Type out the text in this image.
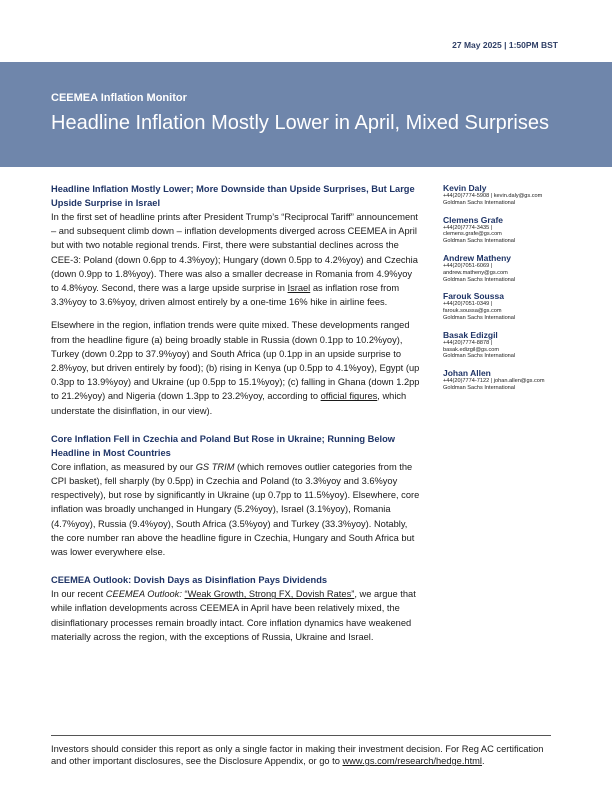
27 May 2025 | 1:50PM BST
CEEMEA Inflation Monitor
Headline Inflation Mostly Lower in April, Mixed Surprises
Headline Inflation Mostly Lower; More Downside than Upside Surprises, But Large Upside Surprise in Israel

In the first set of headline prints after President Trump’s “Reciprocal Tariff” announcement – and subsequent climb down – inflation developments diverged across CEEMEA in April but with two notable regional trends. First, there were substantial declines across the CEE-3: Poland (down 0.6pp to 4.3%yoy); Hungary (down 0.5pp to 4.2%yoy) and Czechia (down 0.9pp to 1.8%yoy). There was also a smaller decrease in Romania from 4.9%yoy to 4.8%yoy. Second, there was a large upside surprise in Israel as inflation rose from 3.3%yoy to 3.6%yoy, driven almost entirely by a one-time 16% hike in airline fees.

Elsewhere in the region, inflation trends were quite mixed. These developments ranged from the headline figure (a) being broadly stable in Russia (down 0.1pp to 10.2%yoy), Turkey (down 0.2pp to 37.9%yoy) and South Africa (up 0.1pp in an upside surprise to 2.8%yoy, but driven entirely by food); (b) rising in Kenya (up 0.5pp to 4.1%yoy), Egypt (up 0.3pp to 13.9%yoy) and Ukraine (up 0.5pp to 15.1%yoy); (c) falling in Ghana (down 1.2pp to 21.2%yoy) and Nigeria (down 1.3pp to 23.2%yoy, according to official figures, which understate the disinflation, in our view).

Core Inflation Fell in Czechia and Poland But Rose in Ukraine; Running Below Headline in Most Countries

Core inflation, as measured by our GS TRIM (which removes outlier categories from the CPI basket), fell sharply (by 0.5pp) in Czechia and Poland (to 3.3%yoy and 3.6%yoy respectively), but rose by significantly in Ukraine (up 0.7pp to 11.5%yoy). Elsewhere, core inflation was broadly unchanged in Hungary (5.2%yoy), Israel (3.1%yoy), Romania (4.7%yoy), Russia (9.4%yoy), South Africa (3.5%yoy) and Turkey (33.3%yoy). Notably, the core number ran above the headline figure in Czechia, Hungary and South Africa but was lower everywhere else.

CEEMEA Outlook: Dovish Days as Disinflation Pays Dividends

In our recent CEEMEA Outlook: “Weak Growth, Strong FX, Dovish Rates”, we argue that while inflation developments across CEEMEA in April have been relatively mixed, the disinflationary processes remain broadly intact. Core inflation dynamics have weakened materially across the region, with the exceptions of Russia, Ukraine and Israel.

Kevin Daly
+44(20)7774-5908 | kevin.daly@gs.com
Goldman Sachs International
Clemens Grafe
+44(20)7774-3435 |
clemens.grafe@gs.com
Goldman Sachs International
Andrew Matheny
+44(20)7051-6069 |
andrew.matheny@gs.com
Goldman Sachs International
Farouk Soussa
+44(20)7051-0349 |
farouk.soussa@gs.com
Goldman Sachs International
Basak Edizgil
+44(20)7774-8878 |
basak.edizgil@gs.com
Goldman Sachs International
Johan Allen
+44(20)7774-7122 | johan.allen@gs.com
Goldman Sachs International

Investors should consider this report as only a single factor in making their investment decision. For Reg AC certification and other important disclosures, see the Disclosure Appendix, or go to www.gs.com/research/hedge.html.
